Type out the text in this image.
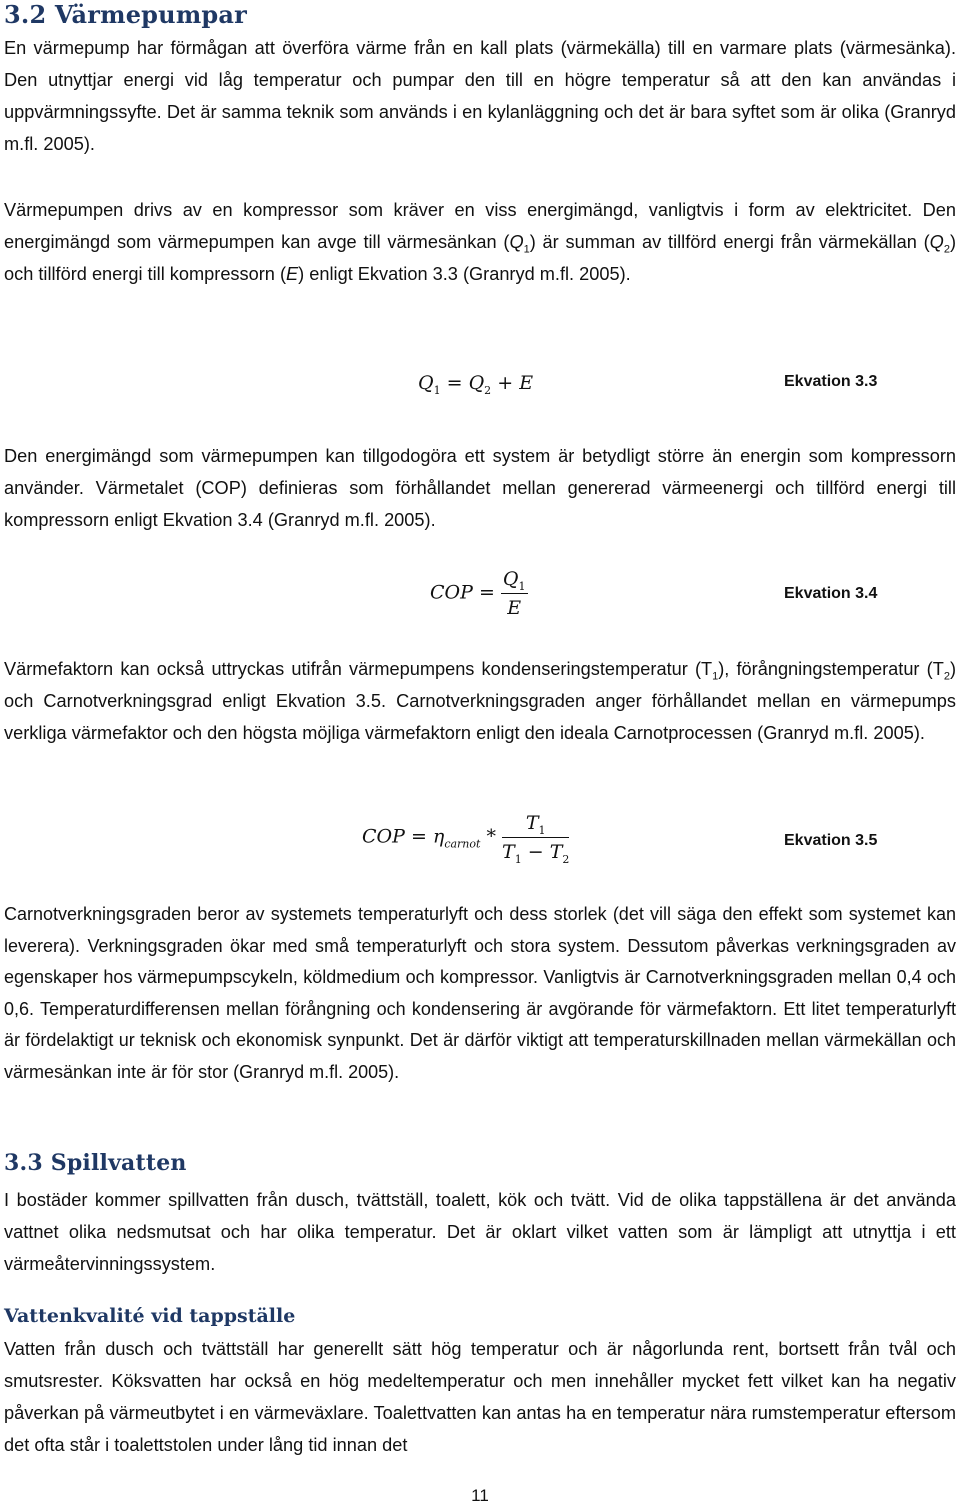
3.2 Värmepumpar

En värmepump har förmågan att överföra värme från en kall plats (värmekälla) till en varmare plats (värmesänka). Den utnyttjar energi vid låg temperatur och pumpar den till en högre temperatur så att den kan användas i uppvärmningssyfte. Det är samma teknik som används i en kylanläggning och det är bara syftet som är olika (Granryd m.fl. 2005).

Värmepumpen drivs av en kompressor som kräver en viss energimängd, vanligtvis i form av elektricitet. Den energimängd som värmepumpen kan avge till värmesänkan $(Q_1)$ är summan av tillförd energi från värmekällan $(Q_2)$ och tillförd energi till kompressorn (E) enligt Ekvation 3.3 (Granryd m.fl. 2005).

$Q_1 = Q_2 + E$	Ekvation 3.3

Den energimängd som värmepumpen kan tillgodogöra ett system är betydligt större än energin som kompressorn använder. Värmetalet (COP) definieras som förhållandet mellan genererad värmeenergi och tillförd energi till kompressorn enligt Ekvation 3.4 (Granryd m.fl. 2005).

COP = $\frac{Q_1}{E}$	Ekvation 3.4

Värmefaktorn kan också uttryckas utifrån värmepumpens kondenseringstemperatur $(T_1)$, förångningstemperatur $(T_2)$ och Carnotverkningsgrad enligt Ekvation 3.5. Carnotverkningsgraden anger förhållandet mellan en värmepumps verkliga värmefaktor och den högsta möjliga värmefaktorn enligt den ideala Carnotprocessen (Granryd m.fl. 2005).

COP = $\eta_{carnot} * \frac{T_1}{T_1 - T_2}$	Ekvation 3.5

Carnotverkningsgraden beror av systemets temperaturlyft och dess storlek (det vill säga den effekt som systemet kan leverera). Verkningsgraden ökar med små temperaturlyft och stora system. Dessutom påverkas verkningsgraden av egenskaper hos värmepumpscykeln, köldmedium och kompressor. Vanligtvis är Carnotverkningsgraden mellan 0,4 och 0,6. Temperaturdifferensen mellan förångning och kondensering är avgörande för värmefaktorn. Ett litet temperaturlyft är fördelaktigt ur teknisk och ekonomisk synpunkt. Det är därför viktigt att temperaturskillnaden mellan värmekällan och värmesänkan inte är för stor (Granryd m.fl. 2005).

3.3 Spillvatten

I bostäder kommer spillvatten från dusch, tvättställ, toalett, kök och tvätt. Vid de olika tappställena är det använda vattnet olika nedsmutsat och har olika temperatur. Det är oklart vilket vatten som är lämpligt att utnyttja i ett värmeåtervinningssystem.

Vattenkvalité vid tappställe

Vatten från dusch och tvättställ har generellt sätt hög temperatur och är någorlunda rent, bortsett från tvål och smutsrester. Köksvatten har också en hög medeltemperatur och men innehåller mycket fett vilket kan ha negativ påverkan på värmeutbytet i en värmeväxlare. Toalettvatten kan antas ha en temperatur nära rumstemperatur eftersom det ofta står i toalettstolen under lång tid innan det

11
